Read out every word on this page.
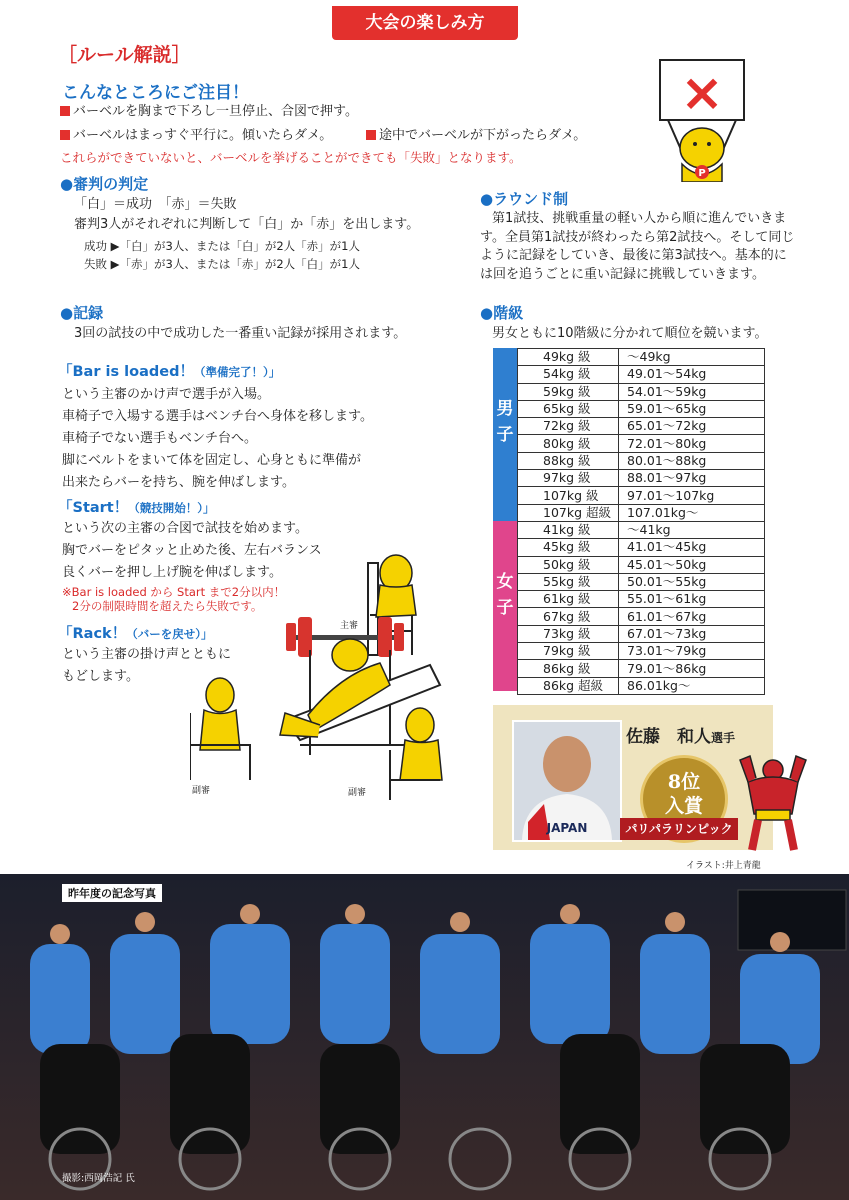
大会の楽しみ方
［ルール解説］
こんなところにご注目！
バーベルを胸まで下ろし一旦停止、合図で押す。
バーベルはまっすぐ平行に。傾いたらダメ。	途中でバーベルが下がったらダメ。
これらができていないと、バーベルを挙げることができても「失敗」となります。
×
P
●審判の判定
「白」＝成功　「赤」＝失敗
審判3人がそれぞれに判断して「白」か「赤」を出します。
成功 ▶「白」が3人、または「白」が2人「赤」が1人
失敗 ▶「赤」が3人、または「赤」が2人「白」が1人
●記録
3回の試技の中で成功した一番重い記録が採用されます。
「Bar is loaded！（準備完了！）」
という主審のかけ声で選手が入場。
車椅子で入場する選手はベンチ台へ身体を移します。
車椅子でない選手もベンチ台へ。
脚にベルトをまいて体を固定し、心身ともに準備が
出来たらバーを持ち、腕を伸ばします。
「Start！（競技開始！）」
という次の主審の合図で試技を始めます。
胸でバーをピタッと止めた後、左右バランス
良くバーを押し上げ腕を伸ばします。
※Bar is loaded から Start まで2分以内！
2分の制限時間を超えたら失敗です。
「Rack！（バーを戻せ）」
という主審の掛け声とともに
もどします。
主審
副審	副審
●ラウンド制
第1試技、挑戦重量の軽い人から順に進んでいきま
す。全員第1試技が終わったら第2試技へ。そして同じ
ように記録をしていき、最後に第3試技へ。基本的に
は回を追うごとに重い記録に挑戦していきます。
●階級
男女ともに10階級に分かれて順位を競います。
男子
49kg 級	～49kg
54kg 級	49.01～54kg
59kg 級	54.01～59kg
65kg 級	59.01～65kg
72kg 級	65.01～72kg
80kg 級	72.01～80kg
88kg 級	80.01～88kg
97kg 級	88.01～97kg
107kg 級	97.01～107kg
107kg 超級	107.01kg～
女子
41kg 級	～41kg
45kg 級	41.01～45kg
50kg 級	45.01～50kg
55kg 級	50.01～55kg
61kg 級	55.01～61kg
67kg 級	61.01～67kg
73kg 級	67.01～73kg
79kg 級	73.01～79kg
86kg 級	79.01～86kg
86kg 超級	86.01kg～
JAPAN
佐藤　和人選手
8位
入賞
パリパラリンピック
イラスト:井上青龍
昨年度の記念写真
撮影:西岡浩記 氏
